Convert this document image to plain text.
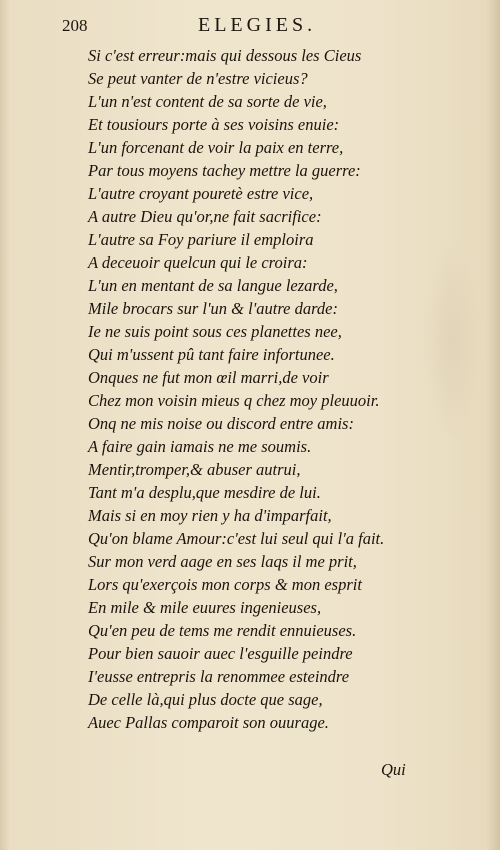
208	ELEGIES.
Si c'est erreur:mais qui dessous les Cieus
Se peut vanter de n'estre vicieus?
L'un n'est content de sa sorte de vie,
Et tousiours porte à ses voisins enuie:
L'un forcenant de voir la paix en terre,
Par tous moyens tachey mettre la guerre:
L'autre croyant pouretè estre vice,
A autre Dieu qu'or,ne fait sacrifice:
L'autre sa Foy pariure il emploira
A deceuoir quelcun qui le croira:
L'un en mentant de sa langue lezarde,
Mile brocars sur l'un & l'autre darde:
Ie ne suis point sous ces planettes nee,
Qui m'ussent pû tant faire infortunee.
Onques ne fut mon œil marri,de voir
Chez mon voisin mieus q chez moy pleuuoir.
Onq ne mis noise ou discord entre amis:
A faire gain iamais ne me soumis.
Mentir,tromper,& abuser autrui,
Tant m'a desplu,que mesdire de lui.
Mais si en moy rien y ha d'imparfait,
Qu'on blame Amour:c'est lui seul qui l'a fait.
Sur mon verd aage en ses laqs il me prit,
Lors qu'exerçois mon corps & mon esprit
En mile & mile euures ingenieuses,
Qu'en peu de tems me rendit ennuieuses.
Pour bien sauoir auec l'esguille peindre
I'eusse entrepris la renommee esteindre
De celle là,qui plus docte que sage,
Auec Pallas comparoit son ouurage.
Qui
